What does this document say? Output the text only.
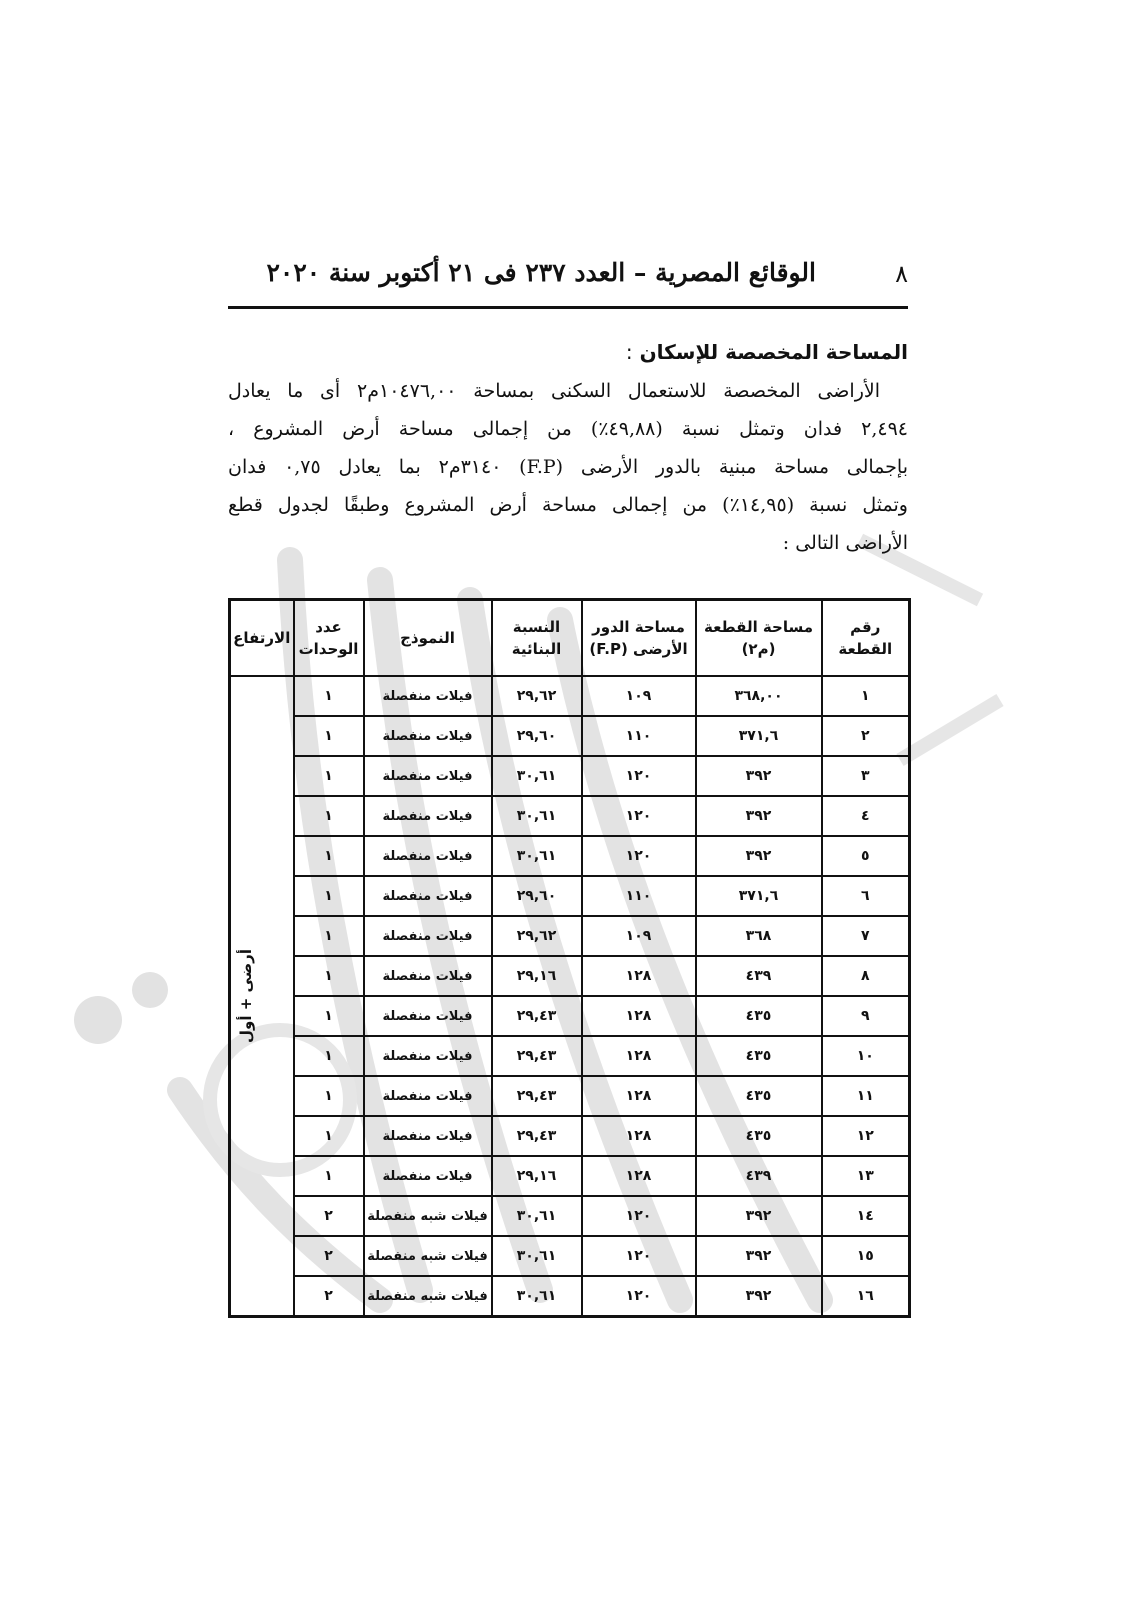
٨
الوقائع المصرية – العدد ٢٣٧ فى ٢١ أكتوبر سنة ٢٠٢٠
المساحة المخصصة للإسكان :

الأراضى المخصصة للاستعمال السكنى بمساحة ١٠٤٧٦,٠٠م٢ أى ما يعادل
٢,٤٩٤ فدان وتمثل نسبة (٤٩,٨٨٪) من إجمالى مساحة أرض المشروع ،
بإجمالى مساحة مبنية بالدور الأرضى (F.P) ٣١٤٠م٢ بما يعادل ٠,٧٥ فدان
وتمثل نسبة (١٤,٩٥٪) من إجمالى مساحة أرض المشروع وطبقًا لجدول قطع
الأراضى التالى :

رقم القطعة	مساحة القطعة (م٢)	مساحة الدور الأرضى (F.P)	النسبة البنائية	النموذج	عدد الوحدات	الارتفاع
١	٣٦٨,٠٠	١٠٩	٢٩,٦٢	فيلات منفصلة	١	أرضى + أول
٢	٣٧١,٦	١١٠	٢٩,٦٠	فيلات منفصلة	١	
٣	٣٩٢	١٢٠	٣٠,٦١	فيلات منفصلة	١	
٤	٣٩٢	١٢٠	٣٠,٦١	فيلات منفصلة	١	
٥	٣٩٢	١٢٠	٣٠,٦١	فيلات منفصلة	١	
٦	٣٧١,٦	١١٠	٢٩,٦٠	فيلات منفصلة	١	
٧	٣٦٨	١٠٩	٢٩,٦٢	فيلات منفصلة	١	
٨	٤٣٩	١٢٨	٢٩,١٦	فيلات منفصلة	١	
٩	٤٣٥	١٢٨	٢٩,٤٣	فيلات منفصلة	١	
١٠	٤٣٥	١٢٨	٢٩,٤٣	فيلات منفصلة	١	
١١	٤٣٥	١٢٨	٢٩,٤٣	فيلات منفصلة	١	
١٢	٤٣٥	١٢٨	٢٩,٤٣	فيلات منفصلة	١	
١٣	٤٣٩	١٢٨	٢٩,١٦	فيلات منفصلة	١	
١٤	٣٩٢	١٢٠	٣٠,٦١	فيلات شبه منفصلة	٢	
١٥	٣٩٢	١٢٠	٣٠,٦١	فيلات شبه منفصلة	٢	
١٦	٣٩٢	١٢٠	٣٠,٦١	فيلات شبه منفصلة	٢	
